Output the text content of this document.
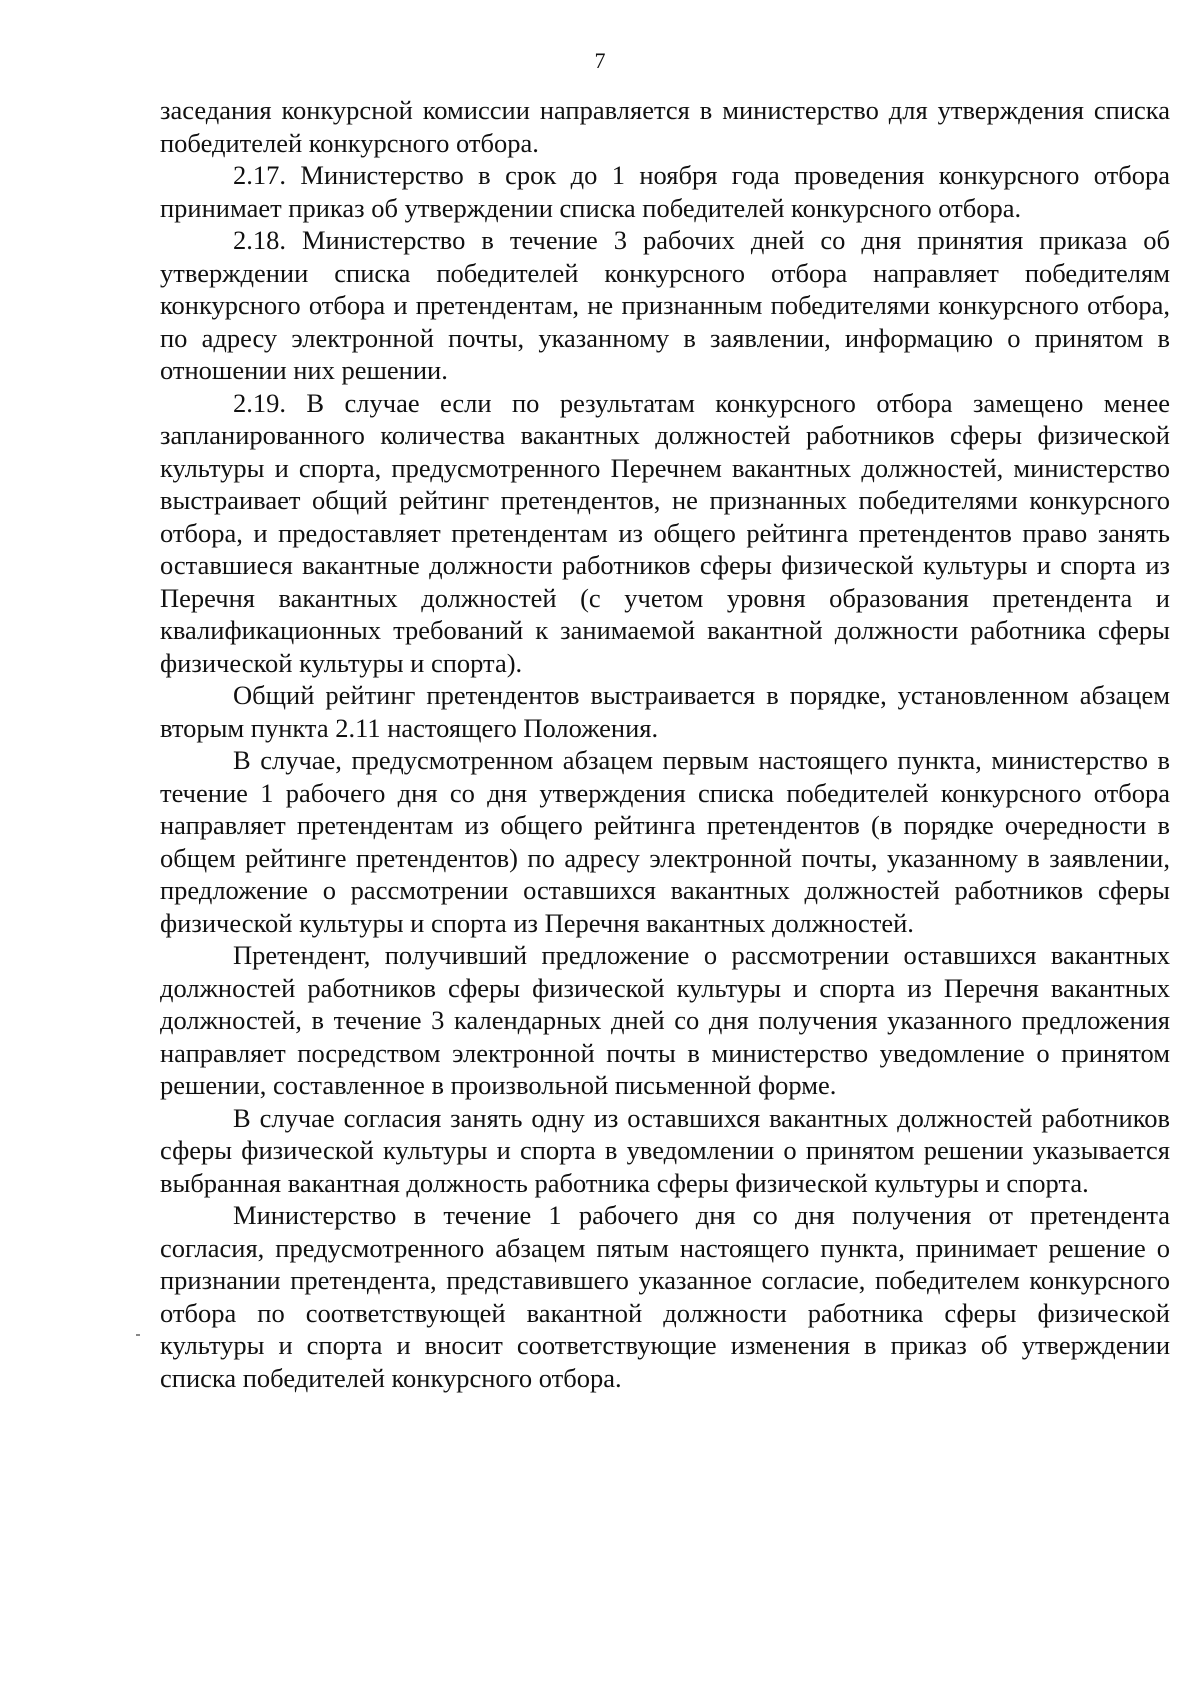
7

заседания конкурсной комиссии направляется в министерство для утверждения списка победителей конкурсного отбора.

2.17. Министерство в срок до 1 ноября года проведения конкурсного отбора принимает приказ об утверждении списка победителей конкурсного отбора.

2.18. Министерство в течение 3 рабочих дней со дня принятия приказа об утверждении списка победителей конкурсного отбора направляет победителям конкурсного отбора и претендентам, не признанным победителями конкурсного отбора, по адресу электронной почты, указанному в заявлении, информацию о принятом в отношении них решении.

2.19. В случае если по результатам конкурсного отбора замещено менее запланированного количества вакантных должностей работников сферы физической культуры и спорта, предусмотренного Перечнем вакантных должностей, министерство выстраивает общий рейтинг претендентов, не признанных победителями конкурсного отбора, и предоставляет претендентам из общего рейтинга претендентов право занять оставшиеся вакантные должности работников сферы физической культуры и спорта из Перечня вакантных должностей (с учетом уровня образования претендента и квалификационных требований к занимаемой вакантной должности работника сферы физической культуры и спорта).

Общий рейтинг претендентов выстраивается в порядке, установленном абзацем вторым пункта 2.11 настоящего Положения.

В случае, предусмотренном абзацем первым настоящего пункта, министерство в течение 1 рабочего дня со дня утверждения списка победителей конкурсного отбора направляет претендентам из общего рейтинга претендентов (в порядке очередности в общем рейтинге претендентов) по адресу электронной почты, указанному в заявлении, предложение о рассмотрении оставшихся вакантных должностей работников сферы физической культуры и спорта из Перечня вакантных должностей.

Претендент, получивший предложение о рассмотрении оставшихся вакантных должностей работников сферы физической культуры и спорта из Перечня вакантных должностей, в течение 3 календарных дней со дня получения указанного предложения направляет посредством электронной почты в министерство уведомление о принятом решении, составленное в произвольной письменной форме.

В случае согласия занять одну из оставшихся вакантных должностей работников сферы физической культуры и спорта в уведомлении о принятом решении указывается выбранная вакантная должность работника сферы физической культуры и спорта.

Министерство в течение 1 рабочего дня со дня получения от претендента согласия, предусмотренного абзацем пятым настоящего пункта, принимает решение о признании претендента, представившего указанное согласие, победителем конкурсного отбора по соответствующей вакантной должности работника сферы физической культуры и спорта и вносит соответствующие изменения в приказ об утверждении списка победителей конкурсного отбора.
